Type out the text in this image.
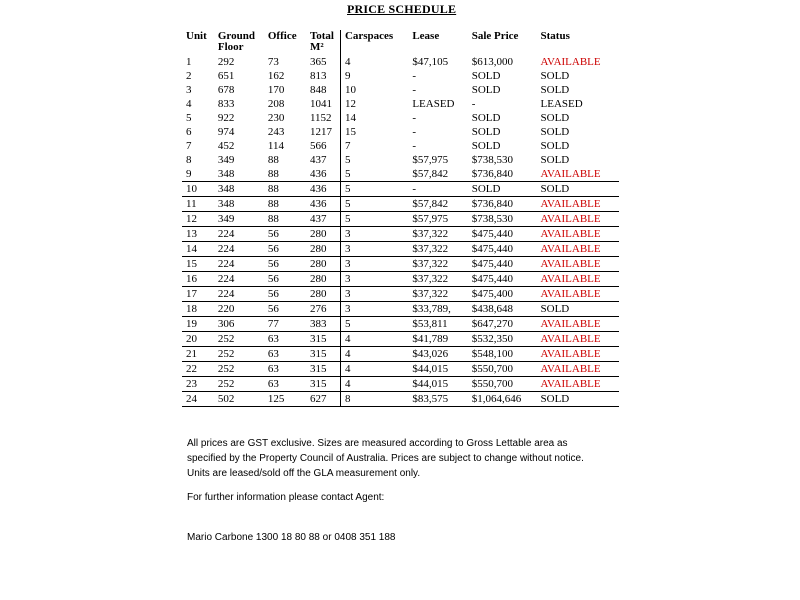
PRICE SCHEDULE
Unit	Ground Floor	Office	Total M²	Carspaces	Lease	Sale Price	Status
1	292	73	365	4	$47,105	$613,000	AVAILABLE
2	651	162	813	9	-	SOLD	SOLD
3	678	170	848	10	-	SOLD	SOLD
4	833	208	1041	12	LEASED	-	LEASED
5	922	230	1152	14	-	SOLD	SOLD
6	974	243	1217	15	-	SOLD	SOLD
7	452	114	566	7	-	SOLD	SOLD
8	349	88	437	5	$57,975	$738,530	SOLD
9	348	88	436	5	$57,842	$736,840	AVAILABLE
10	348	88	436	5	-	SOLD	SOLD
11	348	88	436	5	$57,842	$736,840	AVAILABLE
12	349	88	437	5	$57,975	$738,530	AVAILABLE
13	224	56	280	3	$37,322	$475,440	AVAILABLE
14	224	56	280	3	$37,322	$475,440	AVAILABLE
15	224	56	280	3	$37,322	$475,440	AVAILABLE
16	224	56	280	3	$37,322	$475,440	AVAILABLE
17	224	56	280	3	$37,322	$475,400	AVAILABLE
18	220	56	276	3	$33,789,	$438,648	SOLD
19	306	77	383	5	$53,811	$647,270	AVAILABLE
20	252	63	315	4	$41,789	$532,350	AVAILABLE
21	252	63	315	4	$43,026	$548,100	AVAILABLE
22	252	63	315	4	$44,015	$550,700	AVAILABLE
23	252	63	315	4	$44,015	$550,700	AVAILABLE
24	502	125	627	8	$83,575	$1,064,646	SOLD
All prices are GST exclusive. Sizes are measured according to Gross Lettable area as specified by the Property Council of Australia. Prices are subject to change without notice. Units are leased/sold off the GLA measurement only.
For further information please contact Agent:
Mario Carbone 1300 18 80 88 or 0408 351 188
